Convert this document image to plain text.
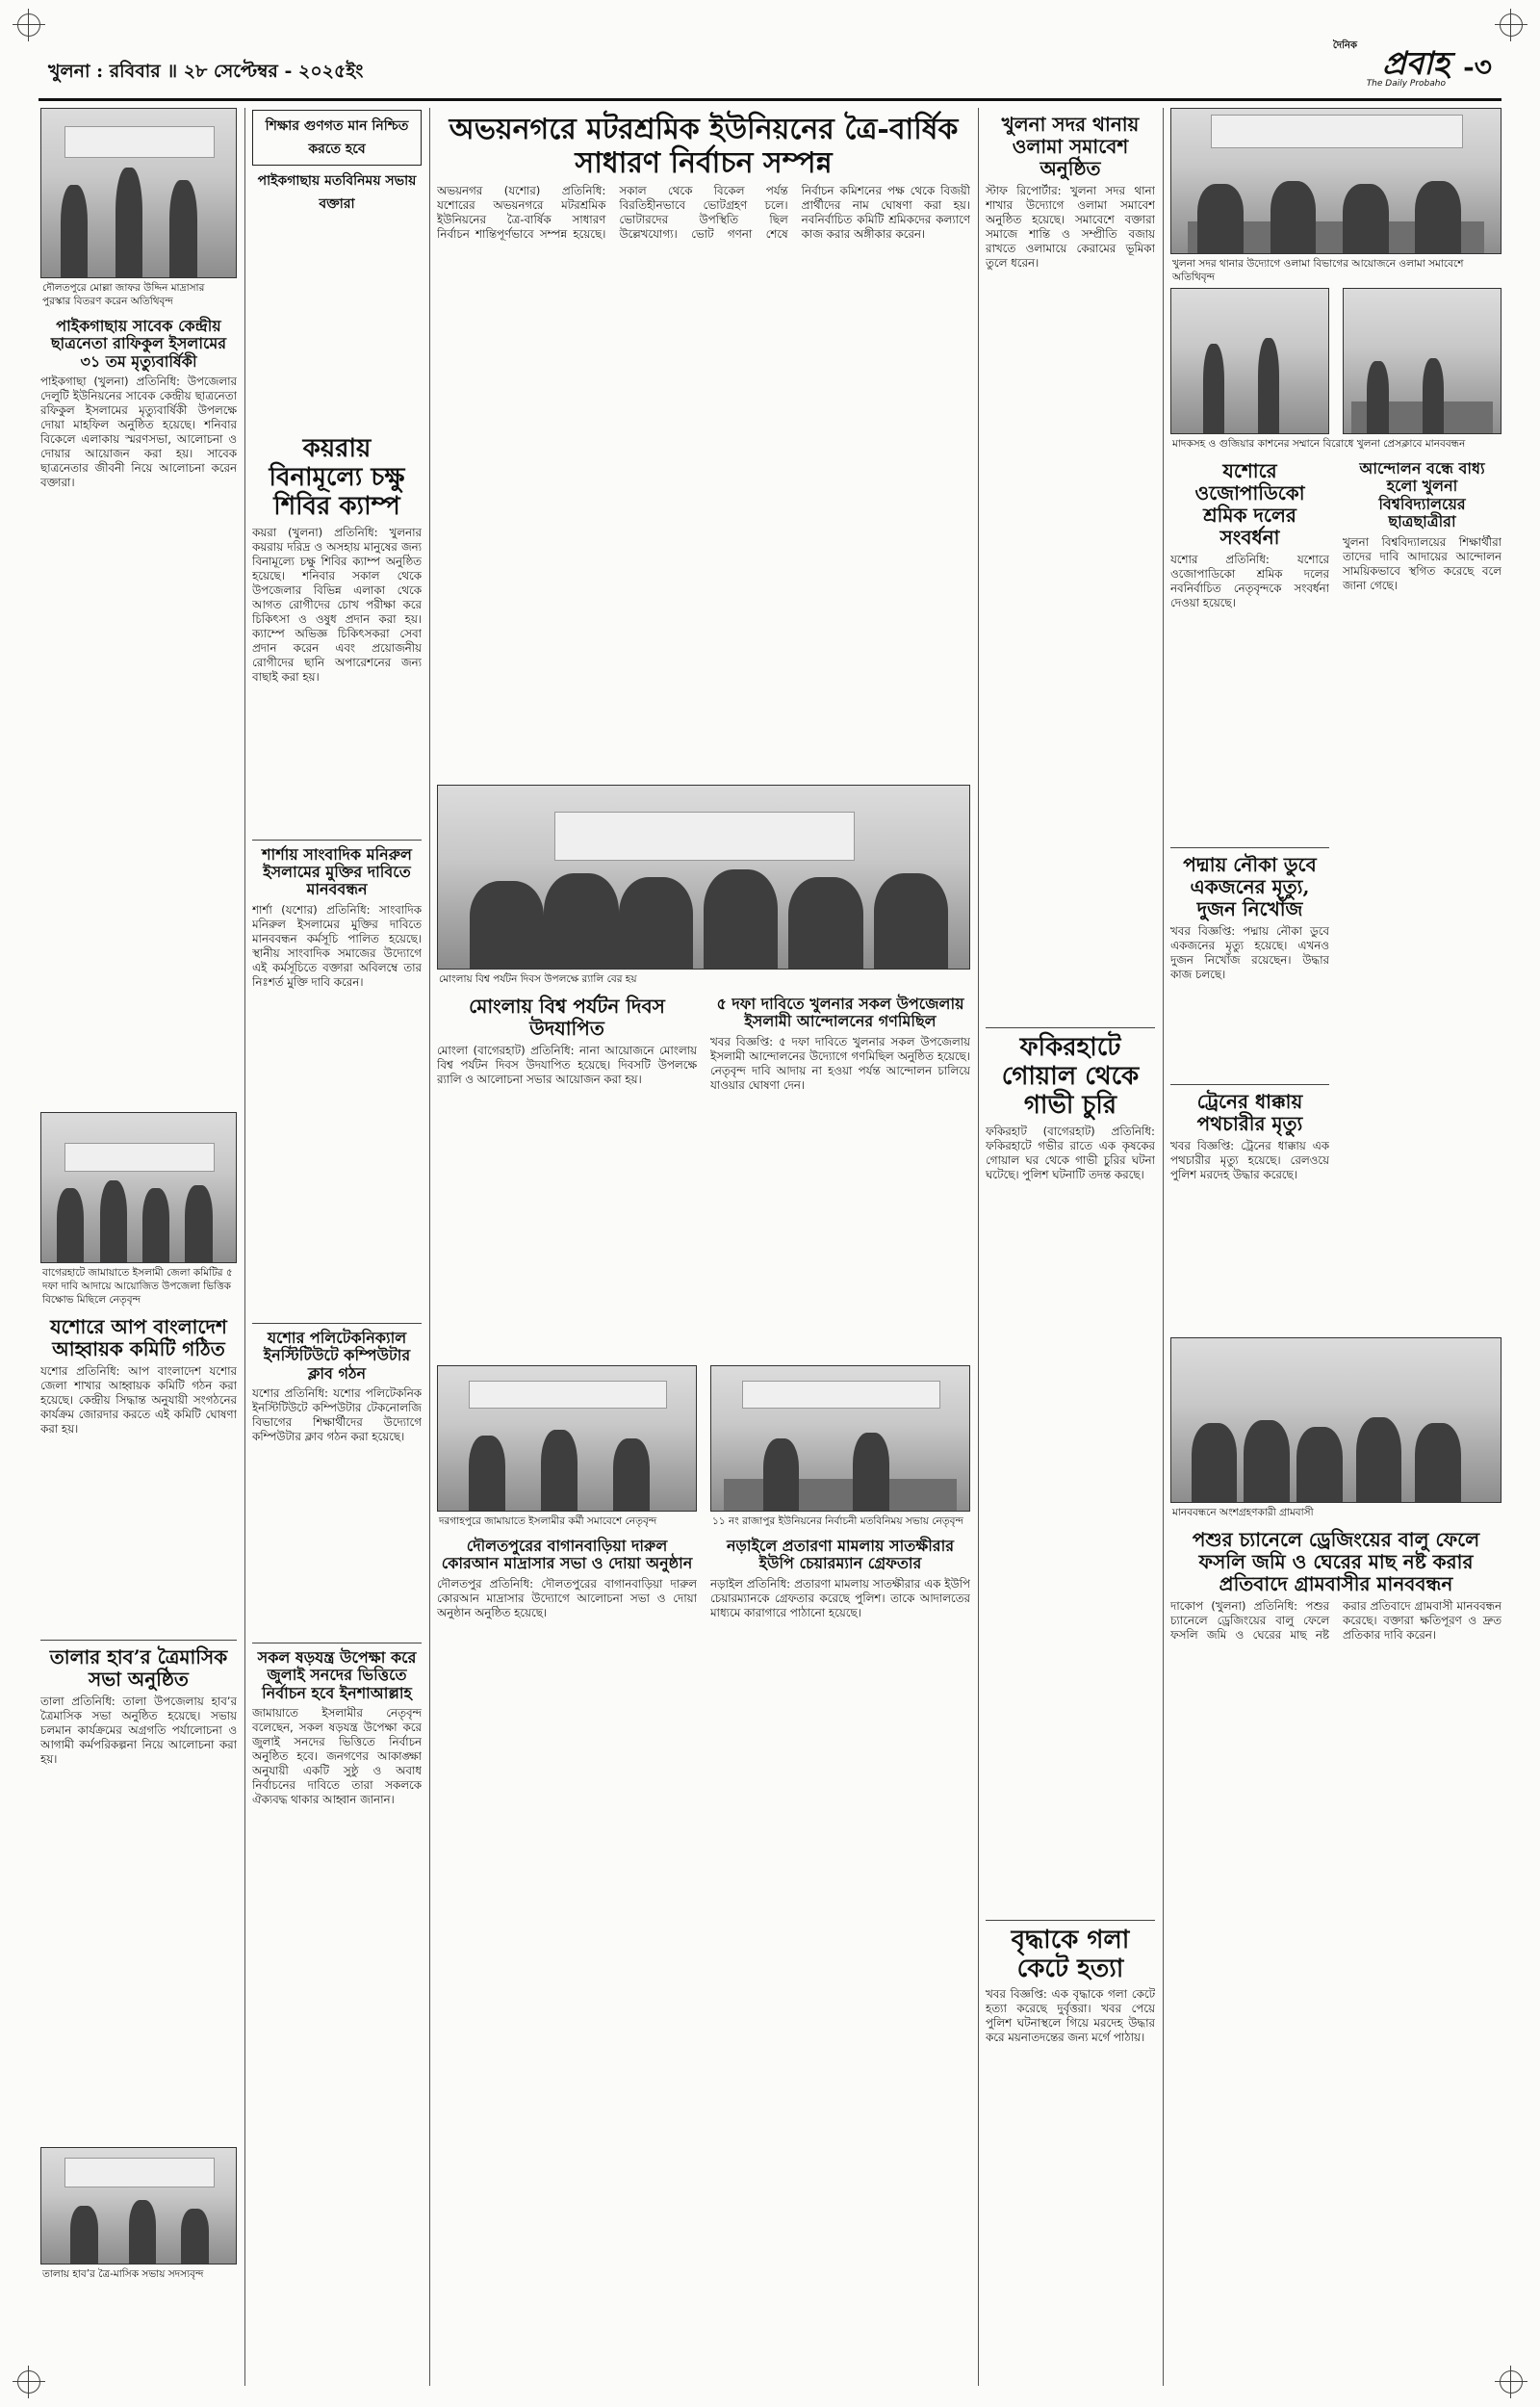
খুলনা : রবিবার ॥ ২৮ সেপ্টেম্বর - ২০২৫ইং	প্রবাহ -৩
The Daily Probaho
দৈনিক
দৌলতপুরে মোল্লা জাফর উদ্দিন মাদ্রাসার পুরস্কার বিতরণ করেন অতিথিবৃন্দ
পাইকগাছায় সাবেক কেন্দ্রীয় ছাত্রনেতা রাফিকুল ইসলামের ৩১ তম মৃত্যুবার্ষিকী
পাইকগাছা (খুলনা) প্রতিনিধি: উপজেলার দেলুটি ইউনিয়নের সাবেক কেন্দ্রীয় ছাত্রনেতা রফিকুল ইসলামের মৃত্যুবার্ষিকী উপলক্ষে দোয়া মাহফিল অনুষ্ঠিত হয়েছে। শনিবার বিকেলে এলাকায় স্মরণসভা, আলোচনা ও দোয়ার আয়োজন করা হয়। সাবেক ছাত্রনেতার জীবনী নিয়ে আলোচনা করেন বক্তারা।
বাগেরহাটে জামায়াতে ইসলামী জেলা কমিটির ৫ দফা দাবি আদায়ে আয়োজিত উপজেলা ভিত্তিক বিক্ষোভ মিছিলে নেতৃবৃন্দ
যশোরে আপ বাংলাদেশ আহ্বায়ক কমিটি গঠিত
যশোর প্রতিনিধি: আপ বাংলাদেশ যশোর জেলা শাখার আহ্বায়ক কমিটি গঠন করা হয়েছে। কেন্দ্রীয় সিদ্ধান্ত অনুযায়ী সংগঠনের কার্যক্রম জোরদার করতে এই কমিটি ঘোষণা করা হয়।
তালার হাব’র ত্রৈমাসিক সভা অনুষ্ঠিত
তালা প্রতিনিধি: তালা উপজেলায় হাব’র ত্রৈমাসিক সভা অনুষ্ঠিত হয়েছে। সভায় চলমান কার্যক্রমের অগ্রগতি পর্যালোচনা ও আগামী কর্মপরিকল্পনা নিয়ে আলোচনা করা হয়।
তালায় হাব’র ত্রৈ-মাসিক সভায় সদস্যবৃন্দ
কয়রায় বিনামূল্যে চক্ষু শিবির ক্যাম্প
কয়রা (খুলনা) প্রতিনিধি: খুলনার কয়রায় দরিদ্র ও অসহায় মানুষের জন্য বিনামূল্যে চক্ষু শিবির ক্যাম্প অনুষ্ঠিত হয়েছে। শনিবার সকাল থেকে উপজেলার বিভিন্ন এলাকা থেকে আগত রোগীদের চোখ পরীক্ষা করে চিকিৎসা ও ওষুধ প্রদান করা হয়। ক্যাম্পে অভিজ্ঞ চিকিৎসকরা সেবা প্রদান করেন এবং প্রয়োজনীয় রোগীদের ছানি অপারেশনের জন্য বাছাই করা হয়।
শার্শায় সাংবাদিক মনিরুল ইসলামের মুক্তির দাবিতে মানববন্ধন
শার্শা (যশোর) প্রতিনিধি: সাংবাদিক মনিরুল ইসলামের মুক্তির দাবিতে মানববন্ধন কর্মসূচি পালিত হয়েছে। স্থানীয় সাংবাদিক সমাজের উদ্যোগে এই কর্মসূচিতে বক্তারা অবিলম্বে তার নিঃশর্ত মুক্তি দাবি করেন।
যশোর পলিটেকনিক্যাল ইনস্টিটিউটে কম্পিউটার ক্লাব গঠন
যশোর প্রতিনিধি: যশোর পলিটেকনিক ইনস্টিটিউটে কম্পিউটার টেকনোলজি বিভাগের শিক্ষার্থীদের উদ্যোগে কম্পিউটার ক্লাব গঠন করা হয়েছে।
সকল ষড়যন্ত্র উপেক্ষা করে জুলাই সনদের ভিত্তিতে নির্বাচন হবে ইনশাআল্লাহ
জামায়াতে ইসলামীর নেতৃবৃন্দ বলেছেন, সকল ষড়যন্ত্র উপেক্ষা করে জুলাই সনদের ভিত্তিতে নির্বাচন অনুষ্ঠিত হবে। জনগণের আকাঙ্ক্ষা অনুযায়ী একটি সুষ্ঠু ও অবাধ নির্বাচনের দাবিতে তারা সকলকে ঐক্যবদ্ধ থাকার আহ্বান জানান।
শিক্ষার গুণগত মান নিশ্চিত করতে হবে
পাইকগাছায় মতবিনিময় সভায় বক্তারা
অভয়নগরে মটরশ্রমিক ইউনিয়নের ত্রৈ-বার্ষিক সাধারণ নির্বাচন সম্পন্ন
অভয়নগর (যশোর) প্রতিনিধি: যশোরের অভয়নগরে মটরশ্রমিক ইউনিয়নের ত্রৈ-বার্ষিক সাধারণ নির্বাচন শান্তিপূর্ণভাবে সম্পন্ন হয়েছে। সকাল থেকে বিকেল পর্যন্ত বিরতিহীনভাবে ভোটগ্রহণ চলে। ভোটারদের উপস্থিতি ছিল উল্লেখযোগ্য। ভোট গণনা শেষে নির্বাচন কমিশনের পক্ষ থেকে বিজয়ী প্রার্থীদের নাম ঘোষণা করা হয়। নবনির্বাচিত কমিটি শ্রমিকদের কল্যাণে কাজ করার অঙ্গীকার করেন।
মোংলায় বিশ্ব পর্যটন দিবস উপলক্ষে র‌্যালি বের হয়
মোংলায় বিশ্ব পর্যটন দিবস উদযাপিত
মোংলা (বাগেরহাট) প্রতিনিধি: নানা আয়োজনে মোংলায় বিশ্ব পর্যটন দিবস উদযাপিত হয়েছে। দিবসটি উপলক্ষে র‌্যালি ও আলোচনা সভার আয়োজন করা হয়।
৫ দফা দাবিতে খুলনার সকল উপজেলায় ইসলামী আন্দোলনের গণমিছিল
খবর বিজ্ঞপ্তি: ৫ দফা দাবিতে খুলনার সকল উপজেলায় ইসলামী আন্দোলনের উদ্যোগে গণমিছিল অনুষ্ঠিত হয়েছে। নেতৃবৃন্দ দাবি আদায় না হওয়া পর্যন্ত আন্দোলন চালিয়ে যাওয়ার ঘোষণা দেন।
দরগাহপুরে জামায়াতে ইসলামীর কর্মী সমাবেশে নেতৃবৃন্দ	১১ নং রাজাপুর ইউনিয়নের নির্বাচনী মতবিনিময় সভায় নেতৃবৃন্দ
দৌলতপুরের বাগানবাড়িয়া দারুল কোরআন মাদ্রাসার সভা ও দোয়া অনুষ্ঠান
দৌলতপুর প্রতিনিধি: দৌলতপুরের বাগানবাড়িয়া দারুল কোরআন মাদ্রাসার উদ্যোগে আলোচনা সভা ও দোয়া অনুষ্ঠান অনুষ্ঠিত হয়েছে।
নড়াইলে প্রতারণা মামলায় সাতক্ষীরার ইউপি চেয়ারম্যান গ্রেফতার
নড়াইল প্রতিনিধি: প্রতারণা মামলায় সাতক্ষীরার এক ইউপি চেয়ারম্যানকে গ্রেফতার করেছে পুলিশ। তাকে আদালতের মাধ্যমে কারাগারে পাঠানো হয়েছে।
খুলনা সদর থানায় ওলামা সমাবেশ অনুষ্ঠিত
স্টাফ রিপোর্টার: খুলনা সদর থানা শাখার উদ্যোগে ওলামা সমাবেশ অনুষ্ঠিত হয়েছে। সমাবেশে বক্তারা সমাজে শান্তি ও সম্প্রীতি বজায় রাখতে ওলামায়ে কেরামের ভূমিকা তুলে ধরেন।
ফকিরহাটে গোয়াল থেকে গাভী চুরি
ফকিরহাট (বাগেরহাট) প্রতিনিধি: ফকিরহাটে গভীর রাতে এক কৃষকের গোয়াল ঘর থেকে গাভী চুরির ঘটনা ঘটেছে। পুলিশ ঘটনাটি তদন্ত করছে।
বৃদ্ধাকে গলা কেটে হত্যা
খবর বিজ্ঞপ্তি: এক বৃদ্ধাকে গলা কেটে হত্যা করেছে দুর্বৃত্তরা। খবর পেয়ে পুলিশ ঘটনাস্থলে গিয়ে মরদেহ উদ্ধার করে ময়নাতদন্তের জন্য মর্গে পাঠায়।
খুলনা সদর থানার উদ্যোগে ওলামা বিভাগের আয়োজনে ওলামা সমাবেশে অতিথিবৃন্দ
মাদকসহ ও গুজিয়ার কাশনের সম্মানে বিরোধে খুলনা প্রেসক্লাবে মানববন্ধন
যশোরে ওজোপাডিকো শ্রমিক দলের সংবর্ধনা
যশোর প্রতিনিধি: যশোরে ওজোপাডিকো শ্রমিক দলের নবনির্বাচিত নেতৃবৃন্দকে সংবর্ধনা দেওয়া হয়েছে।
পদ্মায় নৌকা ডুবে একজনের মৃত্যু, দুজন নিখোঁজ
খবর বিজ্ঞপ্তি: পদ্মায় নৌকা ডুবে একজনের মৃত্যু হয়েছে। এখনও দুজন নিখোঁজ রয়েছেন। উদ্ধার কাজ চলছে।
ট্রেনের ধাক্কায় পথচারীর মৃত্যু
খবর বিজ্ঞপ্তি: ট্রেনের ধাক্কায় এক পথচারীর মৃত্যু হয়েছে। রেলওয়ে পুলিশ মরদেহ উদ্ধার করেছে।
আন্দোলন বন্ধে বাধ্য হলো খুলনা বিশ্ববিদ্যালয়ের ছাত্রছাত্রীরা
খুলনা বিশ্ববিদ্যালয়ের শিক্ষার্থীরা তাদের দাবি আদায়ের আন্দোলন সাময়িকভাবে স্থগিত করেছে বলে জানা গেছে।
মানববন্ধনে অংশগ্রহণকারী গ্রামবাসী
পশুর চ্যানেলে ড্রেজিংয়ের বালু ফেলে ফসলি জমি ও ঘেরের মাছ নষ্ট করার প্রতিবাদে গ্রামবাসীর মানববন্ধন
দাকোপ (খুলনা) প্রতিনিধি: পশুর চ্যানেলে ড্রেজিংয়ের বালু ফেলে ফসলি জমি ও ঘেরের মাছ নষ্ট করার প্রতিবাদে গ্রামবাসী মানববন্ধন করেছে। বক্তারা ক্ষতিপূরণ ও দ্রুত প্রতিকার দাবি করেন।
